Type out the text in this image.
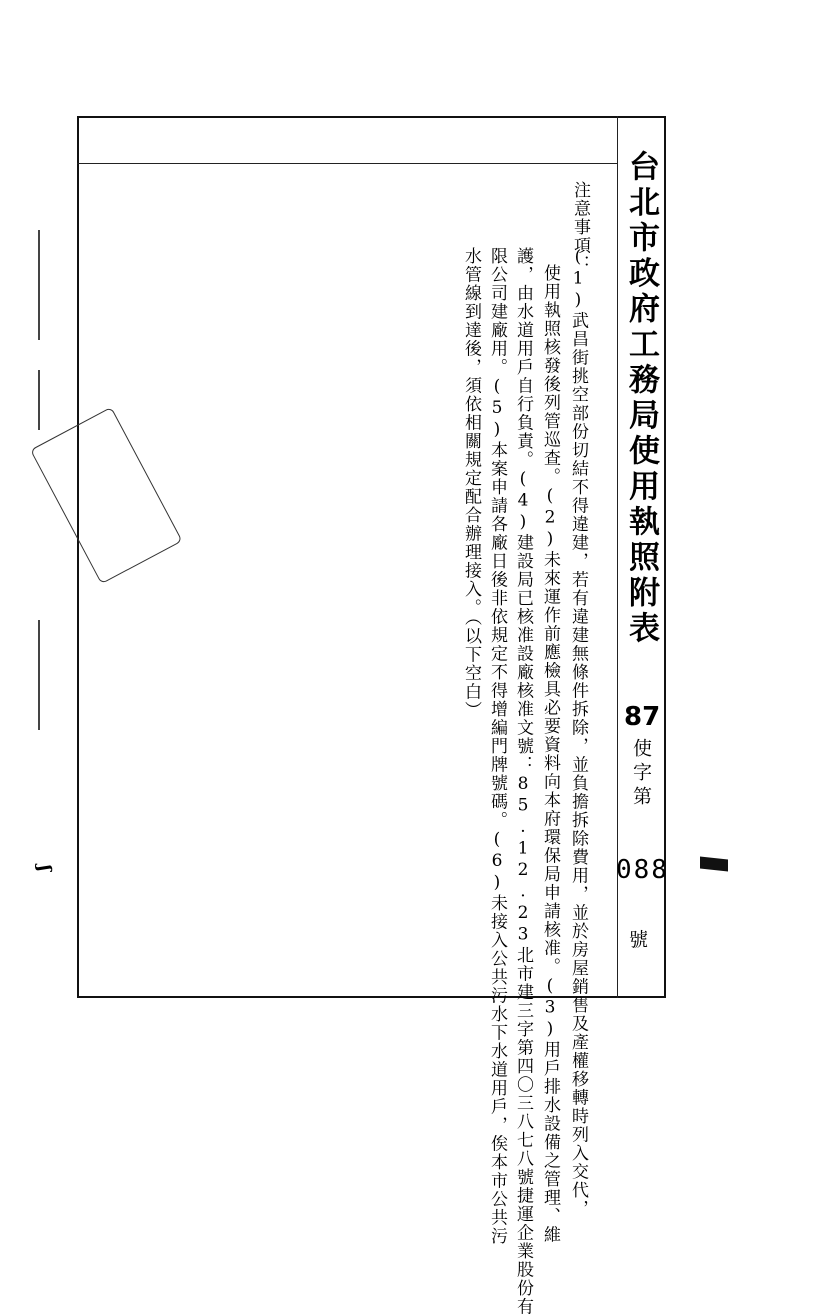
台北市政府工務局使用執照附表
87
使字第
088
號
注意事項：
(1)武昌街挑空部份切結不得違建，若有違建無條件拆除，並負擔拆除費用，並於房屋銷售及產權移轉時列入交代，
使用執照核發後列管巡查。(2)未來運作前應檢具必要資料向本府環保局申請核准。(3)用戶排水設備之管理、維
護，由水道用戶自行負責。(4)建設局已核准設廠核准文號：85.12.23北市建三字第四〇三八七八號捷運企業股份有
限公司建廠用。(5)本案申請各廠日後非依規定不得增編門牌號碼。(6)未接入公共污水下水道用戶，俟本市公共污
水管線到達後，須依相關規定配合辦理接入。（以下空白）
ʃ
